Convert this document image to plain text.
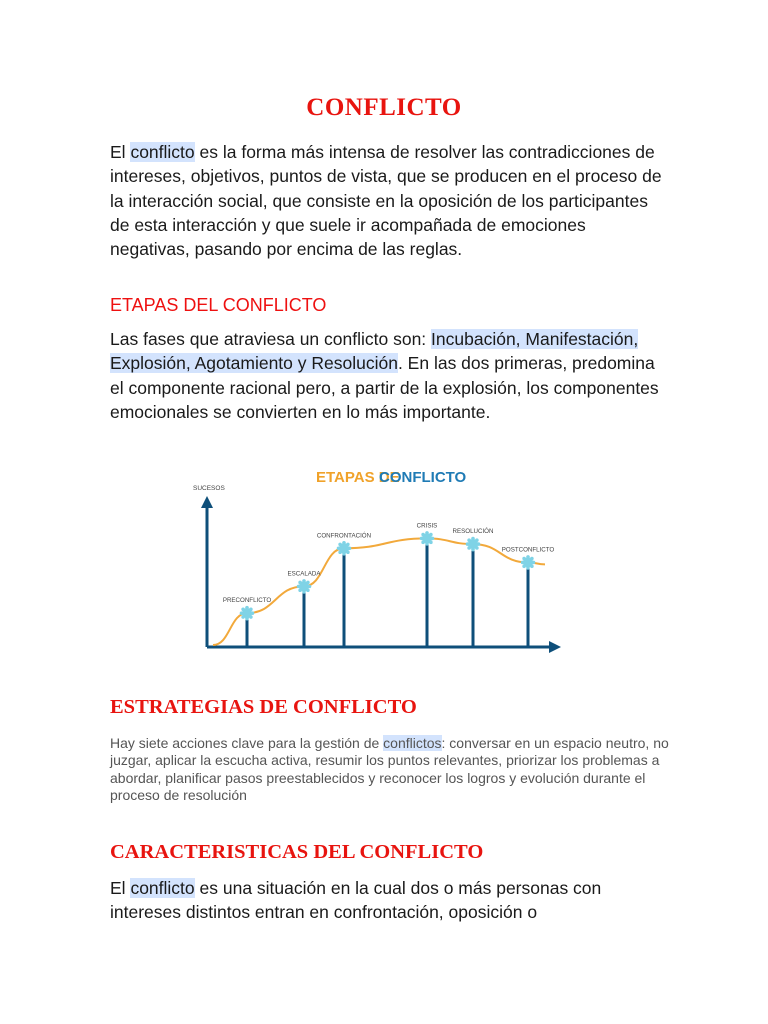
CONFLICTO
El conflicto es la forma más intensa de resolver las contradicciones de intereses, objetivos, puntos de vista, que se producen en el proceso de la interacción social, que consiste en la oposición de los participantes de esta interacción y que suele ir acompañada de emociones negativas, pasando por encima de las reglas.
ETAPAS DEL CONFLICTO
Las fases que atraviesa un conflicto son: Incubación, Manifestación, Explosión, Agotamiento y Resolución. En las dos primeras, predomina el componente racional pero, a partir de la explosión, los componentes emocionales se convierten en lo más importante.
ETAPAS DE
CONFLICTO
SUCESOS
PRECONFLICTO
ESCALADA
CONFRONTACIÓN
CRISIS
RESOLUCIÓN
POSTCONFLICTO
ESTRATEGIAS DE CONFLICTO
Hay siete acciones clave para la gestión de conflictos: conversar en un espacio neutro, no juzgar, aplicar la escucha activa, resumir los puntos relevantes, priorizar los problemas a abordar, planificar pasos preestablecidos y reconocer los logros y evolución durante el proceso de resolución
CARACTERISTICAS DEL CONFLICTO
El conflicto es una situación en la cual dos o más personas con intereses distintos entran en confrontación, oposición o
